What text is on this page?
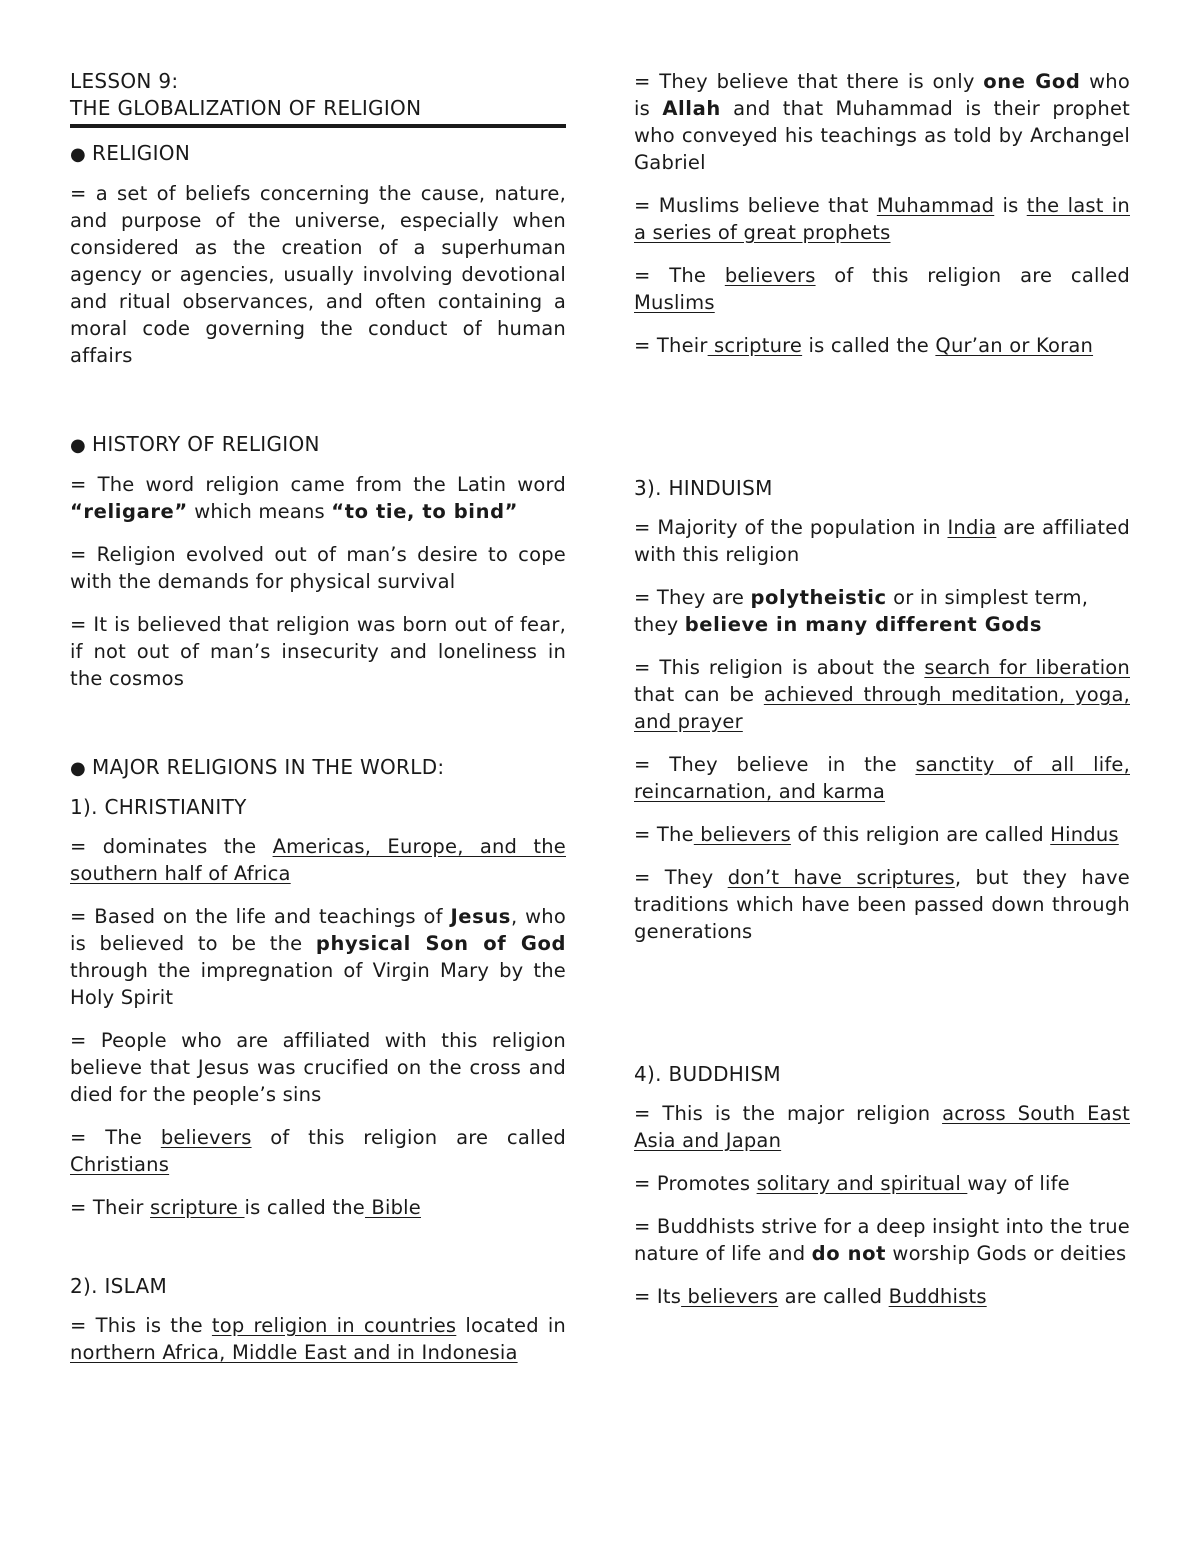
LESSON 9:
THE GLOBALIZATION OF RELIGION
● RELIGION

= a set of beliefs concerning the cause, nature, and purpose of the universe, especially when considered as the creation of a superhuman agency or agencies, usually involving devotional and ritual observances, and often containing a moral code governing the conduct of human affairs

● HISTORY OF RELIGION

= The word religion came from the Latin word “religare” which means “to tie, to bind”

= Religion evolved out of man’s desire to cope with the demands for physical survival

= It is believed that religion was born out of fear, if not out of man’s insecurity and loneliness in the cosmos

● MAJOR RELIGIONS IN THE WORLD:
1). CHRISTIANITY

= dominates the Americas, Europe, and the southern half of Africa

= Based on the life and teachings of Jesus, who is believed to be the physical Son of God through the impregnation of Virgin Mary by the Holy Spirit

= People who are affiliated with this religion believe that Jesus was crucified on the cross and died for the people’s sins

= The believers of this religion are called Christians

= Their scripture is called the Bible

2). ISLAM

= This is the top religion in countries located in northern Africa, Middle East and in Indonesia

= They believe that there is only one God who is Allah and that Muhammad is their prophet who conveyed his teachings as told by Archangel Gabriel

= Muslims believe that Muhammad is the last in a series of great prophets

= The believers of this religion are called Muslims

= Their scripture is called the Qur’an or Koran

3). HINDUISM

= Majority of the population in India are affiliated with this religion

= They are polytheistic or in simplest term, they believe in many different Gods

= This religion is about the search for liberation that can be achieved through meditation, yoga, and prayer

= They believe in the sanctity of all life, reincarnation, and karma

= The believers of this religion are called Hindus

= They don’t have scriptures, but they have traditions which have been passed down through generations

4). BUDDHISM

= This is the major religion across South East Asia and Japan

= Promotes solitary and spiritual way of life

= Buddhists strive for a deep insight into the true nature of life and do not worship Gods or deities

= Its believers are called Buddhists
